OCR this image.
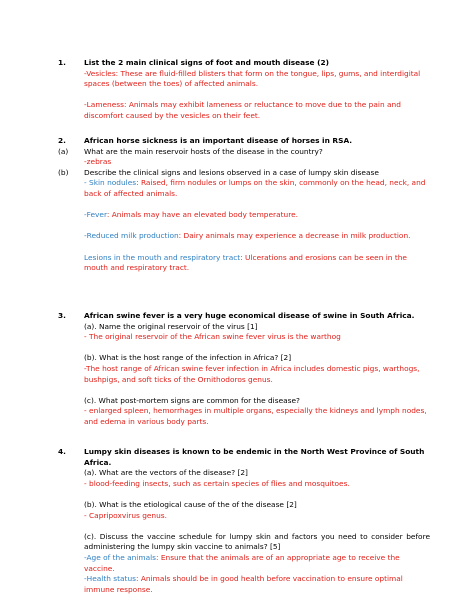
1. List the 2 main clinical signs of foot and mouth disease (2)
-Vesicles: These are fluid-filled blisters that form on the tongue, lips, gums, and interdigital spaces (between the toes) of affected animals.
-Lameness: Animals may exhibit lameness or reluctance to move due to the pain and discomfort caused by the vesicles on their feet.
2. African horse sickness is an important disease of horses in RSA.
(a) What are the main reservoir hosts of the disease in the country?
-zebras
(b) Describe the clinical signs and lesions observed in a case of lumpy skin disease
- Skin nodules: Raised, firm nodules or lumps on the skin, commonly on the head, neck, and back of affected animals.
-Fever: Animals may have an elevated body temperature.
-Reduced milk production: Dairy animals may experience a decrease in milk production.
Lesions in the mouth and respiratory tract: Ulcerations and erosions can be seen in the mouth and respiratory tract.
3. African swine fever is a very huge economical disease of swine in South Africa.
(a). Name the original reservoir of the virus [1]
- The original reservoir of the African swine fever virus is the warthog
(b). What is the host range of the infection in Africa? [2]
-The host range of African swine fever infection in Africa includes domestic pigs, warthogs, bushpigs, and soft ticks of the Ornithodoros genus.
(c). What post-mortem signs are common for the disease?
- enlarged spleen, hemorrhages in multiple organs, especially the kidneys and lymph nodes, and edema in various body parts.
4. Lumpy skin diseases is known to be endemic in the North West Province of South Africa.
(a). What are the vectors of the disease? [2]
- blood-feeding insects, such as certain species of flies and mosquitoes.
(b). What is the etiological cause of the of the disease [2]
- Capripoxvirus genus.
(c). Discuss the vaccine schedule for lumpy skin and factors you need to consider before administering the lumpy skin vaccine to animals? [5]
-Age of the animals: Ensure that the animals are of an appropriate age to receive the vaccine.
-Health status: Animals should be in good health before vaccination to ensure optimal immune response.
